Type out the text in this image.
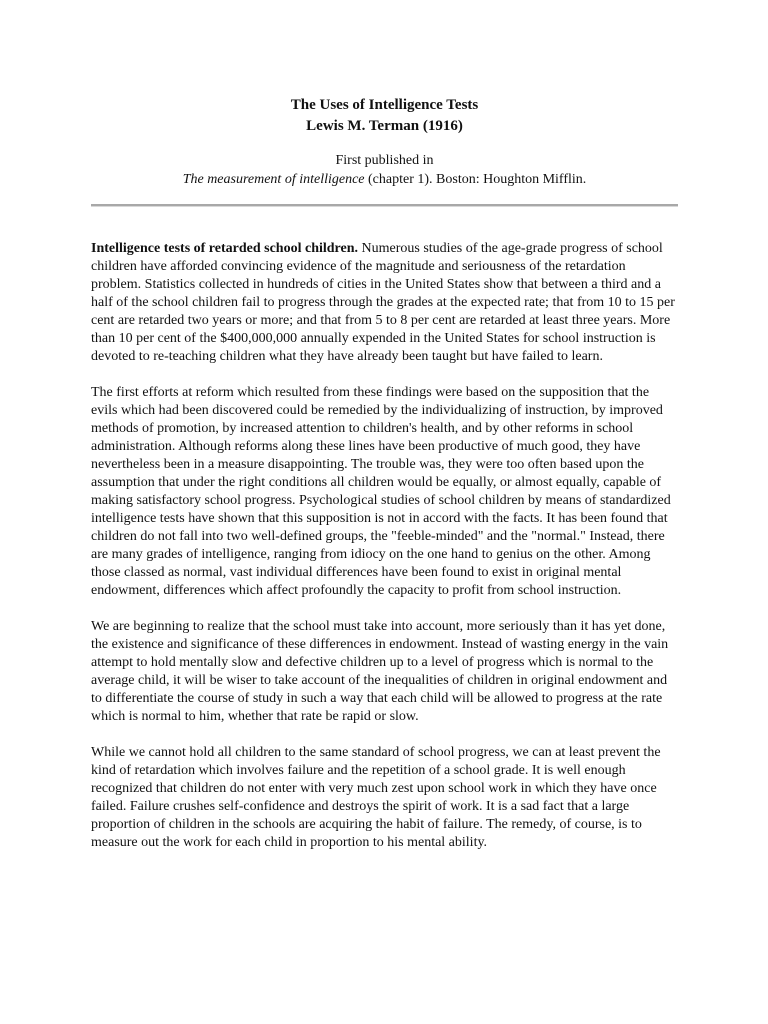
The Uses of Intelligence Tests
Lewis M. Terman (1916)
First published in
The measurement of intelligence (chapter 1). Boston: Houghton Mifflin.

Intelligence tests of retarded school children. Numerous studies of the age-grade progress of school children have afforded convincing evidence of the magnitude and seriousness of the retardation problem. Statistics collected in hundreds of cities in the United States show that between a third and a half of the school children fail to progress through the grades at the expected rate; that from 10 to 15 per cent are retarded two years or more; and that from 5 to 8 per cent are retarded at least three years. More than 10 per cent of the $400,000,000 annually expended in the United States for school instruction is devoted to re-teaching children what they have already been taught but have failed to learn.

The first efforts at reform which resulted from these findings were based on the supposition that the evils which had been discovered could be remedied by the individualizing of instruction, by improved methods of promotion, by increased attention to children's health, and by other reforms in school administration. Although reforms along these lines have been productive of much good, they have nevertheless been in a measure disappointing. The trouble was, they were too often based upon the assumption that under the right conditions all children would be equally, or almost equally, capable of making satisfactory school progress. Psychological studies of school children by means of standardized intelligence tests have shown that this supposition is not in accord with the facts. It has been found that children do not fall into two well-defined groups, the "feeble-minded" and the "normal." Instead, there are many grades of intelligence, ranging from idiocy on the one hand to genius on the other. Among those classed as normal, vast individual differences have been found to exist in original mental endowment, differences which affect profoundly the capacity to profit from school instruction.

We are beginning to realize that the school must take into account, more seriously than it has yet done, the existence and significance of these differences in endowment. Instead of wasting energy in the vain attempt to hold mentally slow and defective children up to a level of progress which is normal to the average child, it will be wiser to take account of the inequalities of children in original endowment and to differentiate the course of study in such a way that each child will be allowed to progress at the rate which is normal to him, whether that rate be rapid or slow.

While we cannot hold all children to the same standard of school progress, we can at least prevent the kind of retardation which involves failure and the repetition of a school grade. It is well enough recognized that children do not enter with very much zest upon school work in which they have once failed. Failure crushes self-confidence and destroys the spirit of work. It is a sad fact that a large proportion of children in the schools are acquiring the habit of failure. The remedy, of course, is to measure out the work for each child in proportion to his mental ability.
